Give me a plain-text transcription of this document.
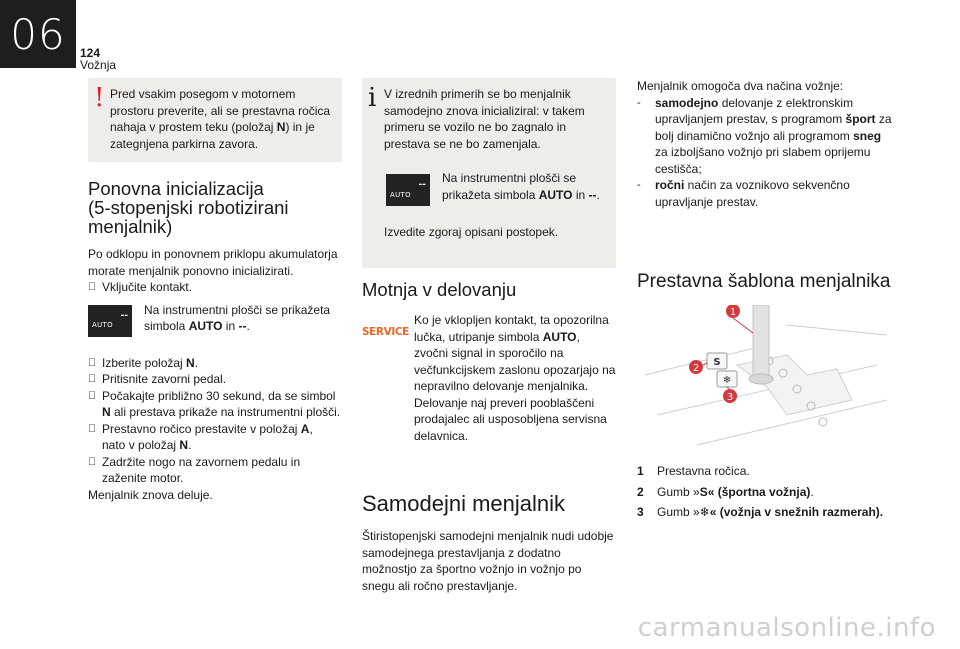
06	124
Vožnja
! Pred vsakim posegom v motornem prostoru preverite, ali se prestavna ročica nahaja v prostem teku (položaj N) in je zategnjena parkirna zavora.

Ponovna inicializacija
(5-stopenjski robotizirani
menjalnik)

Po odklopu in ponovnem priklopu akumulatorja morate menjalnik ponovno inicializirati.

Vključite kontakt.
AUTO
-- Na instrumentni plošči se prikažeta simbola AUTO in --.

Izberite položaj N.
Pritisnite zavorni pedal.
Počakajte približno 30 sekund, da se simbol N ali prestava prikaže na instrumentni plošči.
Prestavno ročico prestavite v položaj A,
nato v položaj N.
Zadržite nogo na zavornem pedalu in zaženite motor.

Menjalnik znova deluje.

i V izrednih primerih se bo menjalnik samodejno znova inicializiral: v takem primeru se vozilo ne bo zagnalo in prestava se ne bo zamenjala.

AUTO
-- Na instrumentni plošči se prikažeta simbola AUTO in --.

Izvedite zgoraj opisani postopek.

Motnja v delovanju
SERVICE

Ko je vklopljen kontakt, ta opozorilna lučka, utripanje simbola AUTO, zvočni signal in sporočilo na večfunkcijskem zaslonu opozarjajo na nepravilno delovanje menjalnika. Delovanje naj preveri pooblaščeni prodajalec ali usposobljena servisna delavnica.

Samodejni menjalnik

Štiristopenjski samodejni menjalnik nudi udobje samodejnega prestavljanja z dodatno možnostjo za športno vožnjo in vožnjo po snegu ali ročno prestavljanje.

Menjalnik omogoča dva načina vožnje:

-	samodejno delovanje z elektronskim upravljanjem prestav, s programom šport za bolj dinamično vožnjo ali programom sneg za izboljšano vožnjo pri slabem oprijemu cestišča;
-	ročni način za voznikovo sekvenčno upravljanje prestav.
Prestavna šablona menjalnika
S
❄
1
2
3
1	Prestavna ročica.
2	Gumb »S« (športna vožnja).
3	Gumb »❄« (vožnja v snežnih razmerah).
carmanualsonline.info
